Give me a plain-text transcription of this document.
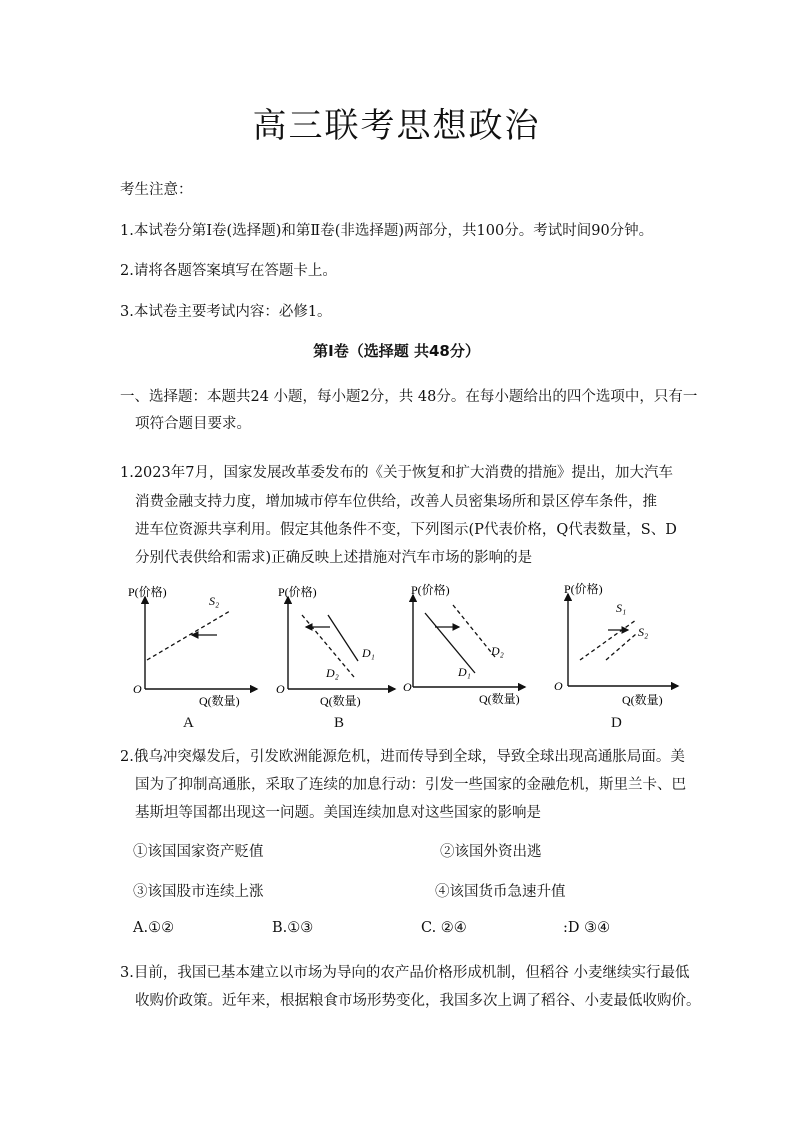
高三联考思想政治
考生注意：
1.本试卷分第Ⅰ卷(选择题)和第Ⅱ卷(非选择题)两部分，共100分。考试时间90分钟。
2.请将各题答案填写在答题卡上。
3.本试卷主要考试内容：必修1。
第Ⅰ卷（选择题 共48分）
一、选择题：本题共24 小题，每小题2分，共 48分。在每小题给出的四个选项中，只有一
项符合题目要求。
1.2023年7月，国家发展改革委发布的《关于恢复和扩大消费的措施》提出，加大汽车
消费金融支持力度，增加城市停车位供给，改善人员密集场所和景区停车条件，推
进车位资源共享利用。假定其他条件不变，下列图示(P代表价格，Q代表数量，S、D
分别代表供给和需求)正确反映上述措施对汽车市场的影响的是
P(价格)
S₂
O
Q(数量)
A
P(价格)
D₁
D₂
O
Q(数量)
B
P(价格)
D₂
D₁
O
Q(数量)
P(价格)
S₁
S₂
O
Q(数量)
D
2.俄乌冲突爆发后，引发欧洲能源危机，进而传导到全球，导致全球出现高通胀局面。美
国为了抑制高通胀，采取了连续的加息行动：引发一些国家的金融危机，斯里兰卡、巴
基斯坦等国都出现这一问题。美国连续加息对这些国家的影响是
①该国国家资产贬值	②该国外资出逃
③该国股市连续上涨	④该国货币急速升值
A.①②	B.①③	C. ②④	:D ③④
3.目前，我国已基本建立以市场为导向的农产品价格形成机制，但稻谷 小麦继续实行最低
收购价政策。近年来，根据粮食市场形势变化，我国多次上调了稻谷、小麦最低收购价。
